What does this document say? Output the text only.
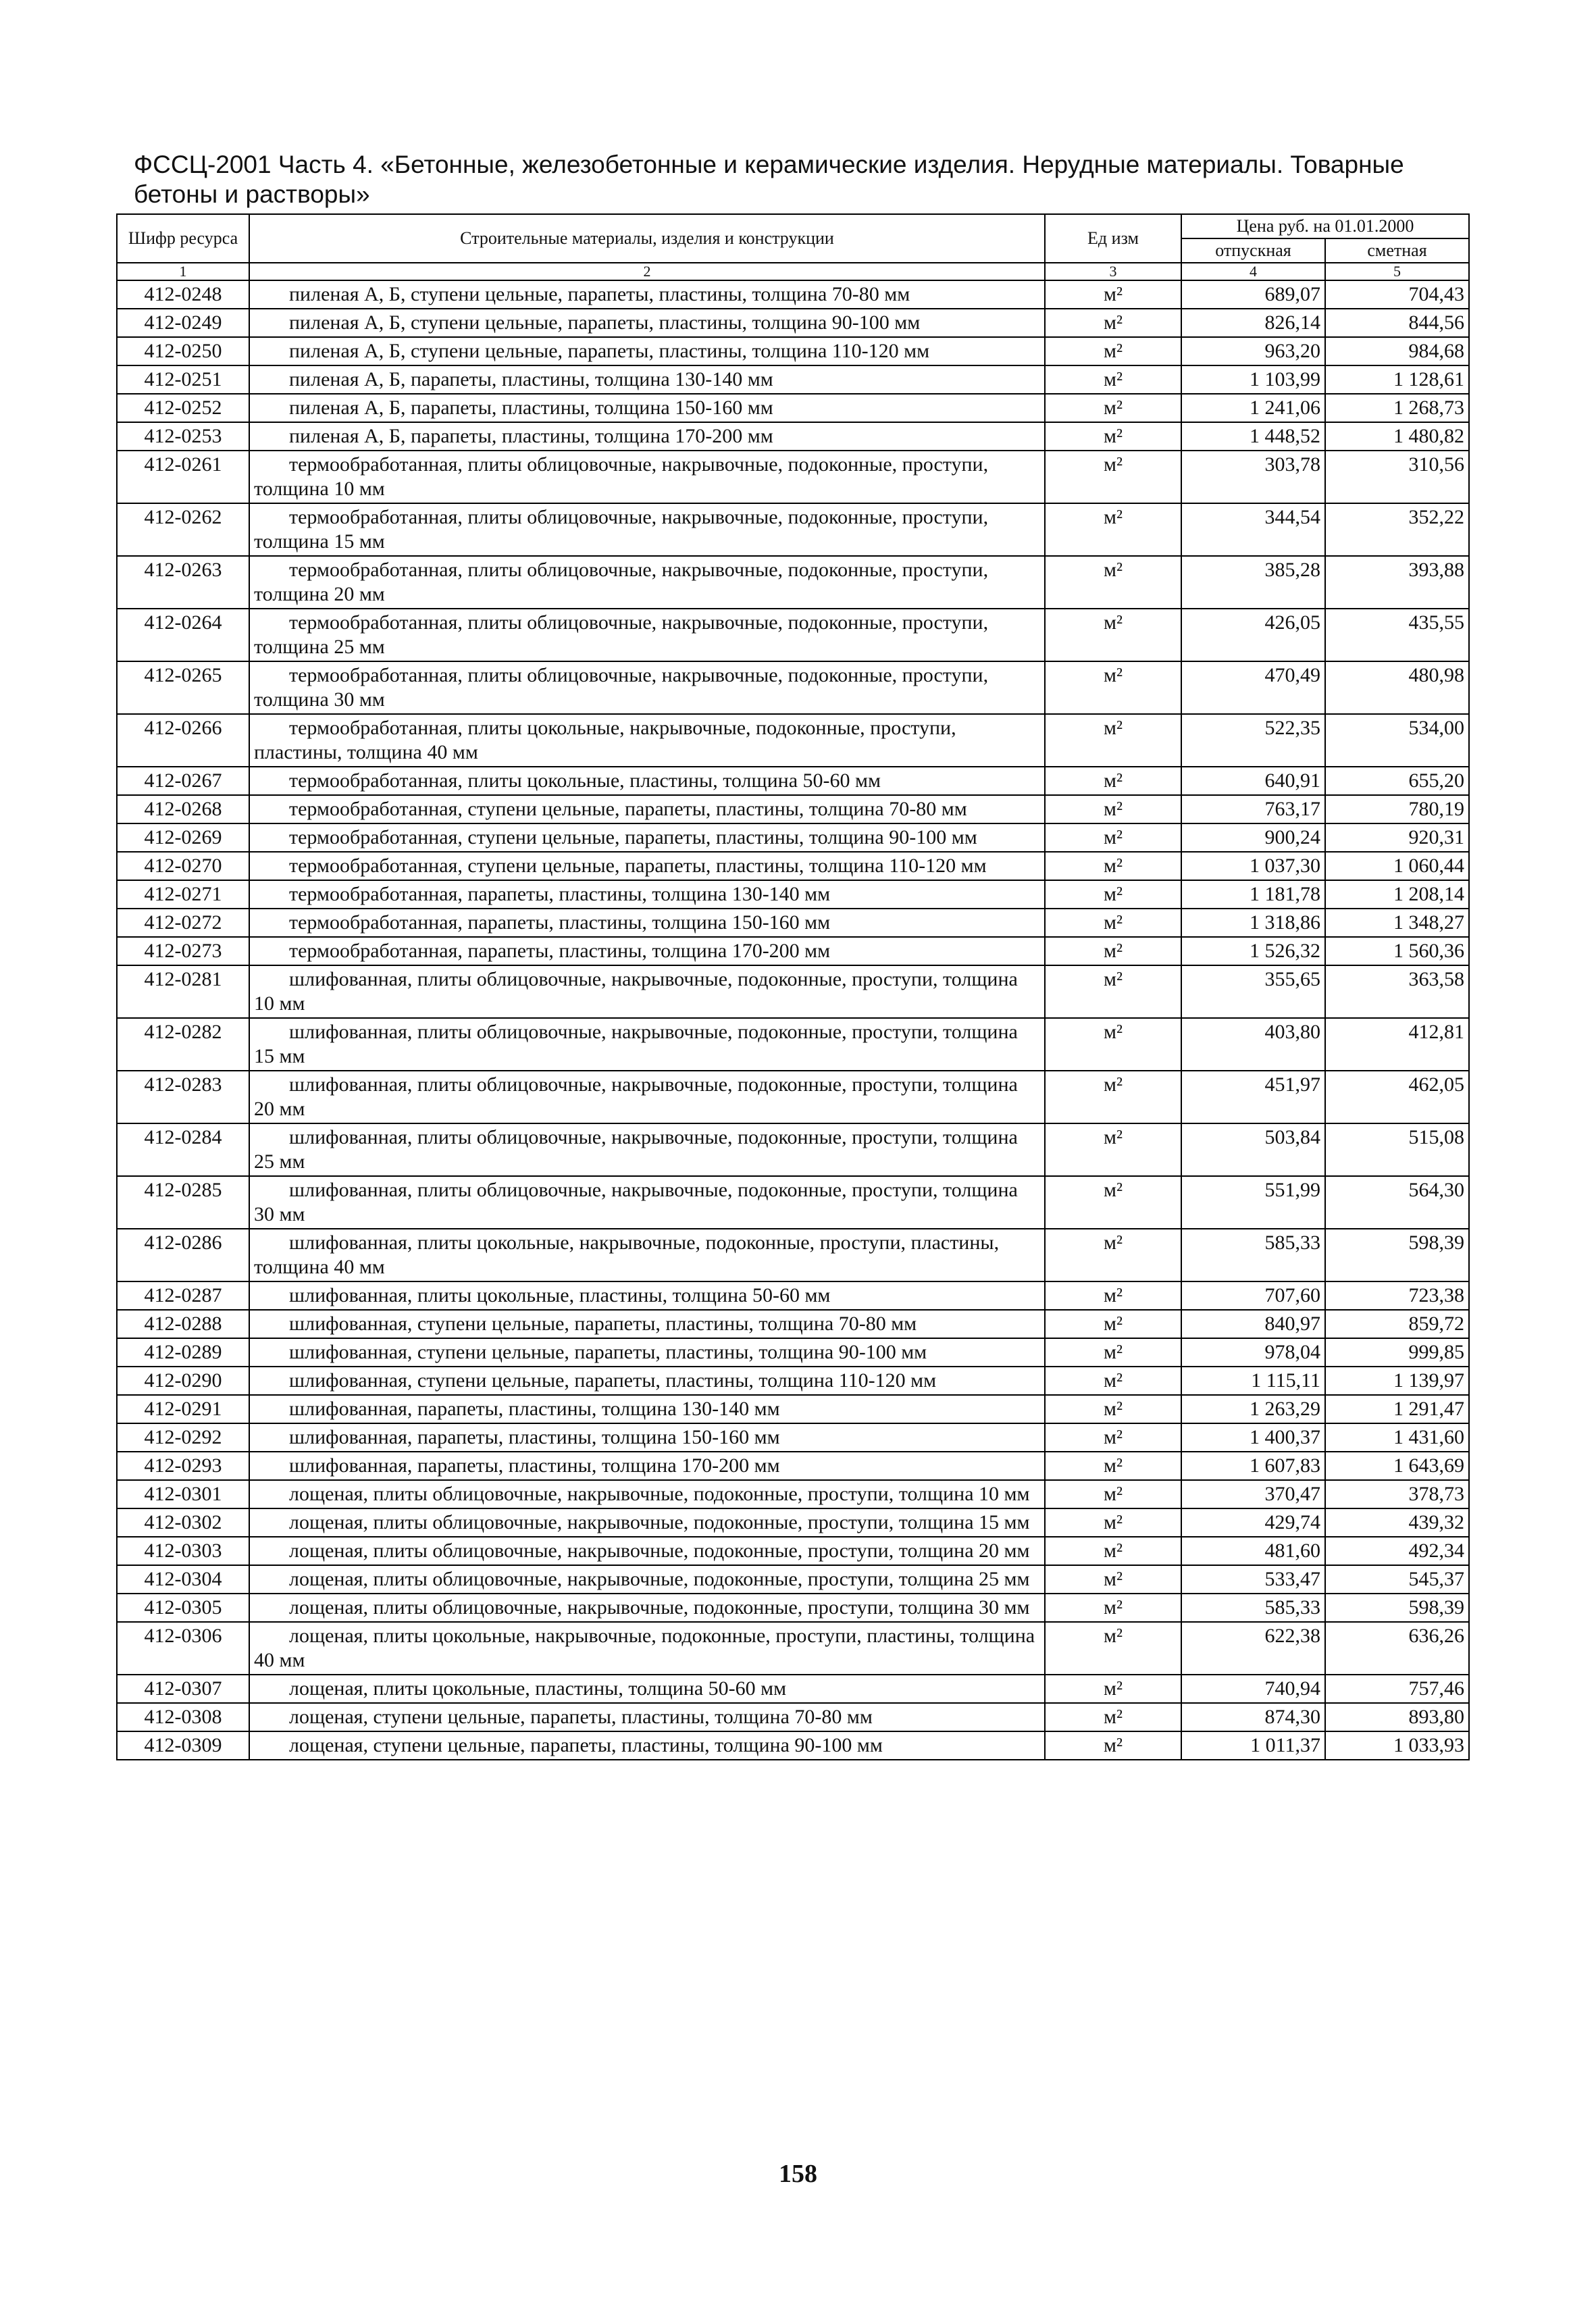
ФССЦ-2001 Часть 4. «Бетонные, железобетонные и керамические изделия. Нерудные материалы. Товарные бетоны и растворы»
Шифр ресурса	Строительные материалы, изделия и конструкции	Ед изм	Цена руб. на 01.01.2000	
			отпускная	сметная
1	2	3	4	5
412-0248	пиленая А, Б, ступени цельные, парапеты, пластины, толщина 70-80 мм	м²	689,07	704,43
412-0249	пиленая А, Б, ступени цельные, парапеты, пластины, толщина 90-100 мм	м²	826,14	844,56
412-0250	пиленая А, Б, ступени цельные, парапеты, пластины, толщина 110-120 мм	м²	963,20	984,68
412-0251	пиленая А, Б, парапеты, пластины, толщина 130-140 мм	м²	1 103,99	1 128,61
412-0252	пиленая А, Б, парапеты, пластины, толщина 150-160 мм	м²	1 241,06	1 268,73
412-0253	пиленая А, Б, парапеты, пластины, толщина 170-200 мм	м²	1 448,52	1 480,82
412-0261	термообработанная, плиты облицовочные, накрывочные, подоконные, проступи, толщина 10 мм	м²	303,78	310,56
412-0262	термообработанная, плиты облицовочные, накрывочные, подоконные, проступи, толщина 15 мм	м²	344,54	352,22
412-0263	термообработанная, плиты облицовочные, накрывочные, подоконные, проступи, толщина 20 мм	м²	385,28	393,88
412-0264	термообработанная, плиты облицовочные, накрывочные, подоконные, проступи, толщина 25 мм	м²	426,05	435,55
412-0265	термообработанная, плиты облицовочные, накрывочные, подоконные, проступи, толщина 30 мм	м²	470,49	480,98
412-0266	термообработанная, плиты цокольные, накрывочные, подоконные, проступи, пластины, толщина 40 мм	м²	522,35	534,00
412-0267	термообработанная, плиты цокольные, пластины, толщина 50-60 мм	м²	640,91	655,20
412-0268	термообработанная, ступени цельные, парапеты, пластины, толщина 70-80 мм	м²	763,17	780,19
412-0269	термообработанная, ступени цельные, парапеты, пластины, толщина 90-100 мм	м²	900,24	920,31
412-0270	термообработанная, ступени цельные, парапеты, пластины, толщина 110-120 мм	м²	1 037,30	1 060,44
412-0271	термообработанная, парапеты, пластины, толщина 130-140 мм	м²	1 181,78	1 208,14
412-0272	термообработанная, парапеты, пластины, толщина 150-160 мм	м²	1 318,86	1 348,27
412-0273	термообработанная, парапеты, пластины, толщина 170-200 мм	м²	1 526,32	1 560,36
412-0281	шлифованная, плиты облицовочные, накрывочные, подоконные, проступи, толщина 10 мм	м²	355,65	363,58
412-0282	шлифованная, плиты облицовочные, накрывочные, подоконные, проступи, толщина 15 мм	м²	403,80	412,81
412-0283	шлифованная, плиты облицовочные, накрывочные, подоконные, проступи, толщина 20 мм	м²	451,97	462,05
412-0284	шлифованная, плиты облицовочные, накрывочные, подоконные, проступи, толщина 25 мм	м²	503,84	515,08
412-0285	шлифованная, плиты облицовочные, накрывочные, подоконные, проступи, толщина 30 мм	м²	551,99	564,30
412-0286	шлифованная, плиты цокольные, накрывочные, подоконные, проступи, пластины, толщина 40 мм	м²	585,33	598,39
412-0287	шлифованная, плиты цокольные, пластины, толщина 50-60 мм	м²	707,60	723,38
412-0288	шлифованная, ступени цельные, парапеты, пластины, толщина 70-80 мм	м²	840,97	859,72
412-0289	шлифованная, ступени цельные, парапеты, пластины, толщина 90-100 мм	м²	978,04	999,85
412-0290	шлифованная, ступени цельные, парапеты, пластины, толщина 110-120 мм	м²	1 115,11	1 139,97
412-0291	шлифованная, парапеты, пластины, толщина 130-140 мм	м²	1 263,29	1 291,47
412-0292	шлифованная, парапеты, пластины, толщина 150-160 мм	м²	1 400,37	1 431,60
412-0293	шлифованная, парапеты, пластины, толщина 170-200 мм	м²	1 607,83	1 643,69
412-0301	лощеная, плиты облицовочные, накрывочные, подоконные, проступи, толщина 10 мм	м²	370,47	378,73
412-0302	лощеная, плиты облицовочные, накрывочные, подоконные, проступи, толщина 15 мм	м²	429,74	439,32
412-0303	лощеная, плиты облицовочные, накрывочные, подоконные, проступи, толщина 20 мм	м²	481,60	492,34
412-0304	лощеная, плиты облицовочные, накрывочные, подоконные, проступи, толщина 25 мм	м²	533,47	545,37
412-0305	лощеная, плиты облицовочные, накрывочные, подоконные, проступи, толщина 30 мм	м²	585,33	598,39
412-0306	лощеная, плиты цокольные, накрывочные, подоконные, проступи, пластины, толщина 40 мм	м²	622,38	636,26
412-0307	лощеная, плиты цокольные, пластины, толщина 50-60 мм	м²	740,94	757,46
412-0308	лощеная, ступени цельные, парапеты, пластины, толщина 70-80 мм	м²	874,30	893,80
412-0309	лощеная, ступени цельные, парапеты, пластины, толщина 90-100 мм	м²	1 011,37	1 033,93
158
